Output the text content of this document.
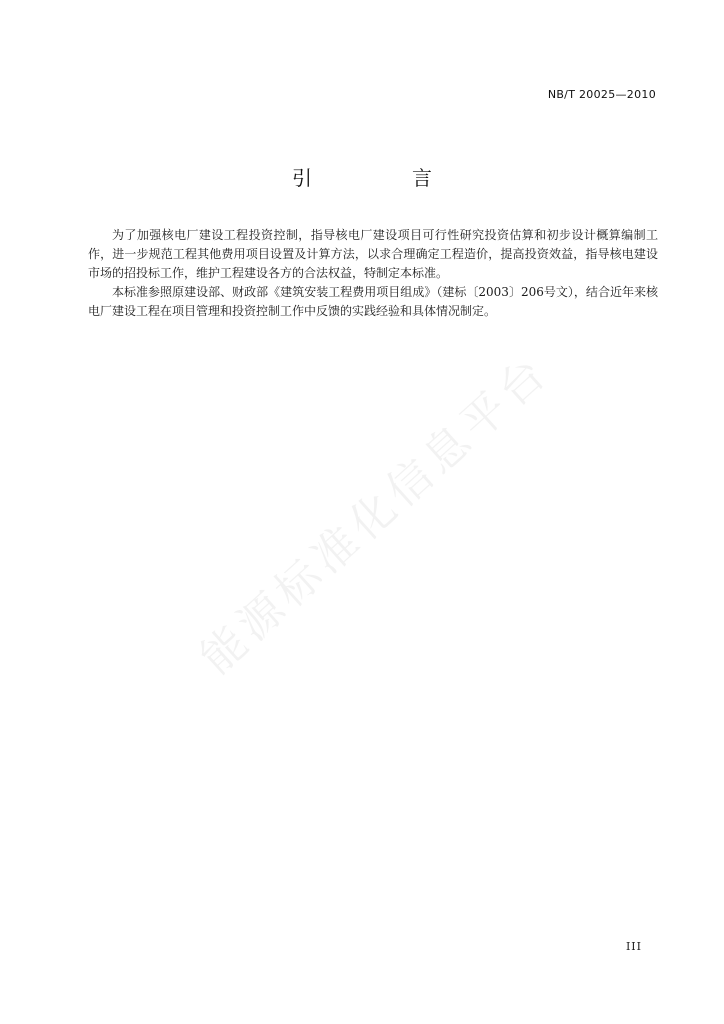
NB/T 20025—2010
引　言

为了加强核电厂建设工程投资控制，指导核电厂建设项目可行性研究投资估算和初步设计概算编制工作，进一步规范工程其他费用项目设置及计算方法，以求合理确定工程造价，提高投资效益，指导核电建设市场的招投标工作，维护工程建设各方的合法权益，特制定本标准。

本标准参照原建设部、财政部《建筑安装工程费用项目组成》（建标〔2003〕206号文），结合近年来核电厂建设工程在项目管理和投资控制工作中反馈的实践经验和具体情况制定。

能源标准化信息平台
III
